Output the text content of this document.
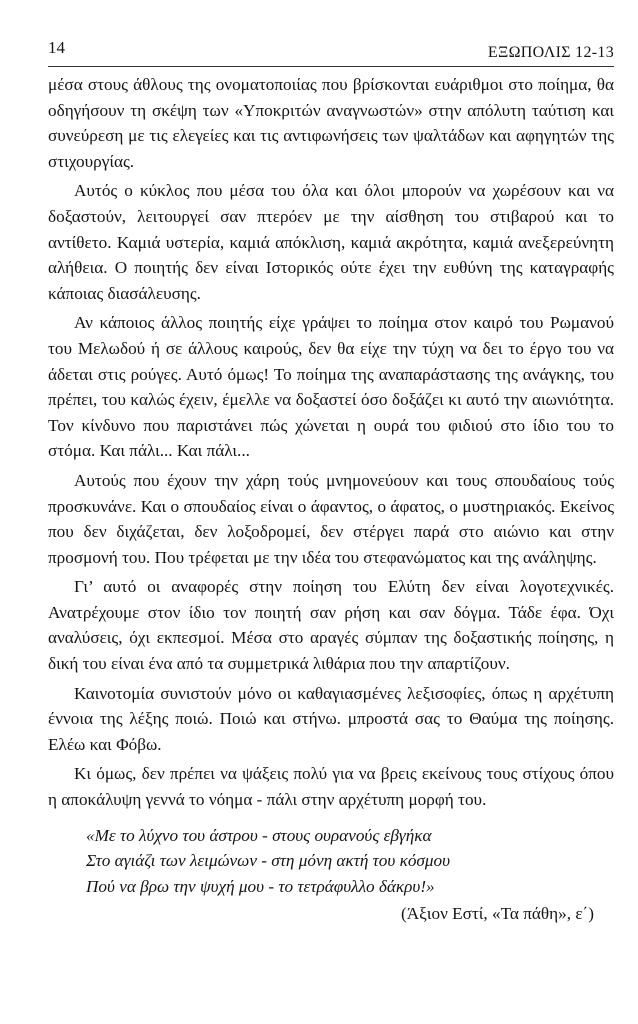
14	ΕΞΩΠΟΛΙΣ 12-13

μέσα στους άθλους της ονοματοποιίας που βρίσκονται ευάριθμοι στο ποίημα, θα οδηγήσουν τη σκέψη των «Υποκριτών αναγνωστών» στην απόλυτη ταύτιση και συνεύρεση με τις ελεγείες και τις αντιφωνήσεις των ψαλτάδων και αφηγητών της στιχουργίας.

Αυτός ο κύκλος που μέσα του όλα και όλοι μπορούν να χωρέσουν και να δοξαστούν, λειτουργεί σαν πτερόεν με την αίσθηση του στιβαρού και το αντίθετο. Καμιά υστερία, καμιά απόκλιση, καμιά ακρότητα, καμιά ανεξερεύνητη αλήθεια. Ο ποιητής δεν είναι Ιστορικός ούτε έχει την ευθύνη της καταγραφής κάποιας διασάλευσης.

Αν κάποιος άλλος ποιητής είχε γράψει το ποίημα στον καιρό του Ρωμανού του Μελωδού ή σε άλλους καιρούς, δεν θα είχε την τύχη να δει το έργο του να άδεται στις ρούγες. Αυτό όμως! Το ποίημα της αναπαράστασης της ανάγκης, του πρέπει, του καλώς έχειν, έμελλε να δοξαστεί όσο δοξάζει κι αυτό την αιωνιότητα. Τον κίνδυνο που παριστάνει πώς χώνεται η ουρά του φιδιού στο ίδιο του το στόμα. Και πάλι... Και πάλι...

Αυτούς που έχουν την χάρη τούς μνημονεύουν και τους σπουδαίους τούς προσκυνάνε. Και ο σπουδαίος είναι ο άφαντος, ο άφατος, ο μυστηριακός. Εκείνος που δεν διχάζεται, δεν λοξοδρομεί, δεν στέργει παρά στο αιώνιο και στην προσμονή του. Που τρέφεται με την ιδέα του στεφανώματος και της ανάληψης.

Γι’ αυτό οι αναφορές στην ποίηση του Ελύτη δεν είναι λογοτεχνικές. Ανατρέχουμε στον ίδιο τον ποιητή σαν ρήση και σαν δόγμα. Τάδε έφα. Όχι αναλύσεις, όχι εκπεσμοί. Μέσα στο αραγές σύμπαν της δοξαστικής ποίησης, η δική του είναι ένα από τα συμμετρικά λιθάρια που την απαρτίζουν.

Καινοτομία συνιστούν μόνο οι καθαγιασμένες λεξισοφίες, όπως η αρχέτυπη έννοια της λέξης ποιώ. Ποιώ και στήνω. μπροστά σας το Θαύμα της ποίησης. Ελέω και Φόβω.

Κι όμως, δεν πρέπει να ψάξεις πολύ για να βρεις εκείνους τους στίχους όπου η αποκάλυψη γεννά το νόημα - πάλι στην αρχέτυπη μορφή του.

«Με το λύχνο του άστρου - στους ουρανούς εβγήκα
Στο αγιάζι των λειμώνων - στη μόνη ακτή του κόσμου
Πού να βρω την ψυχή μου - το τετράφυλλο δάκρυ!»
(Άξιον Εστί, «Τα πάθη», ε΄)
